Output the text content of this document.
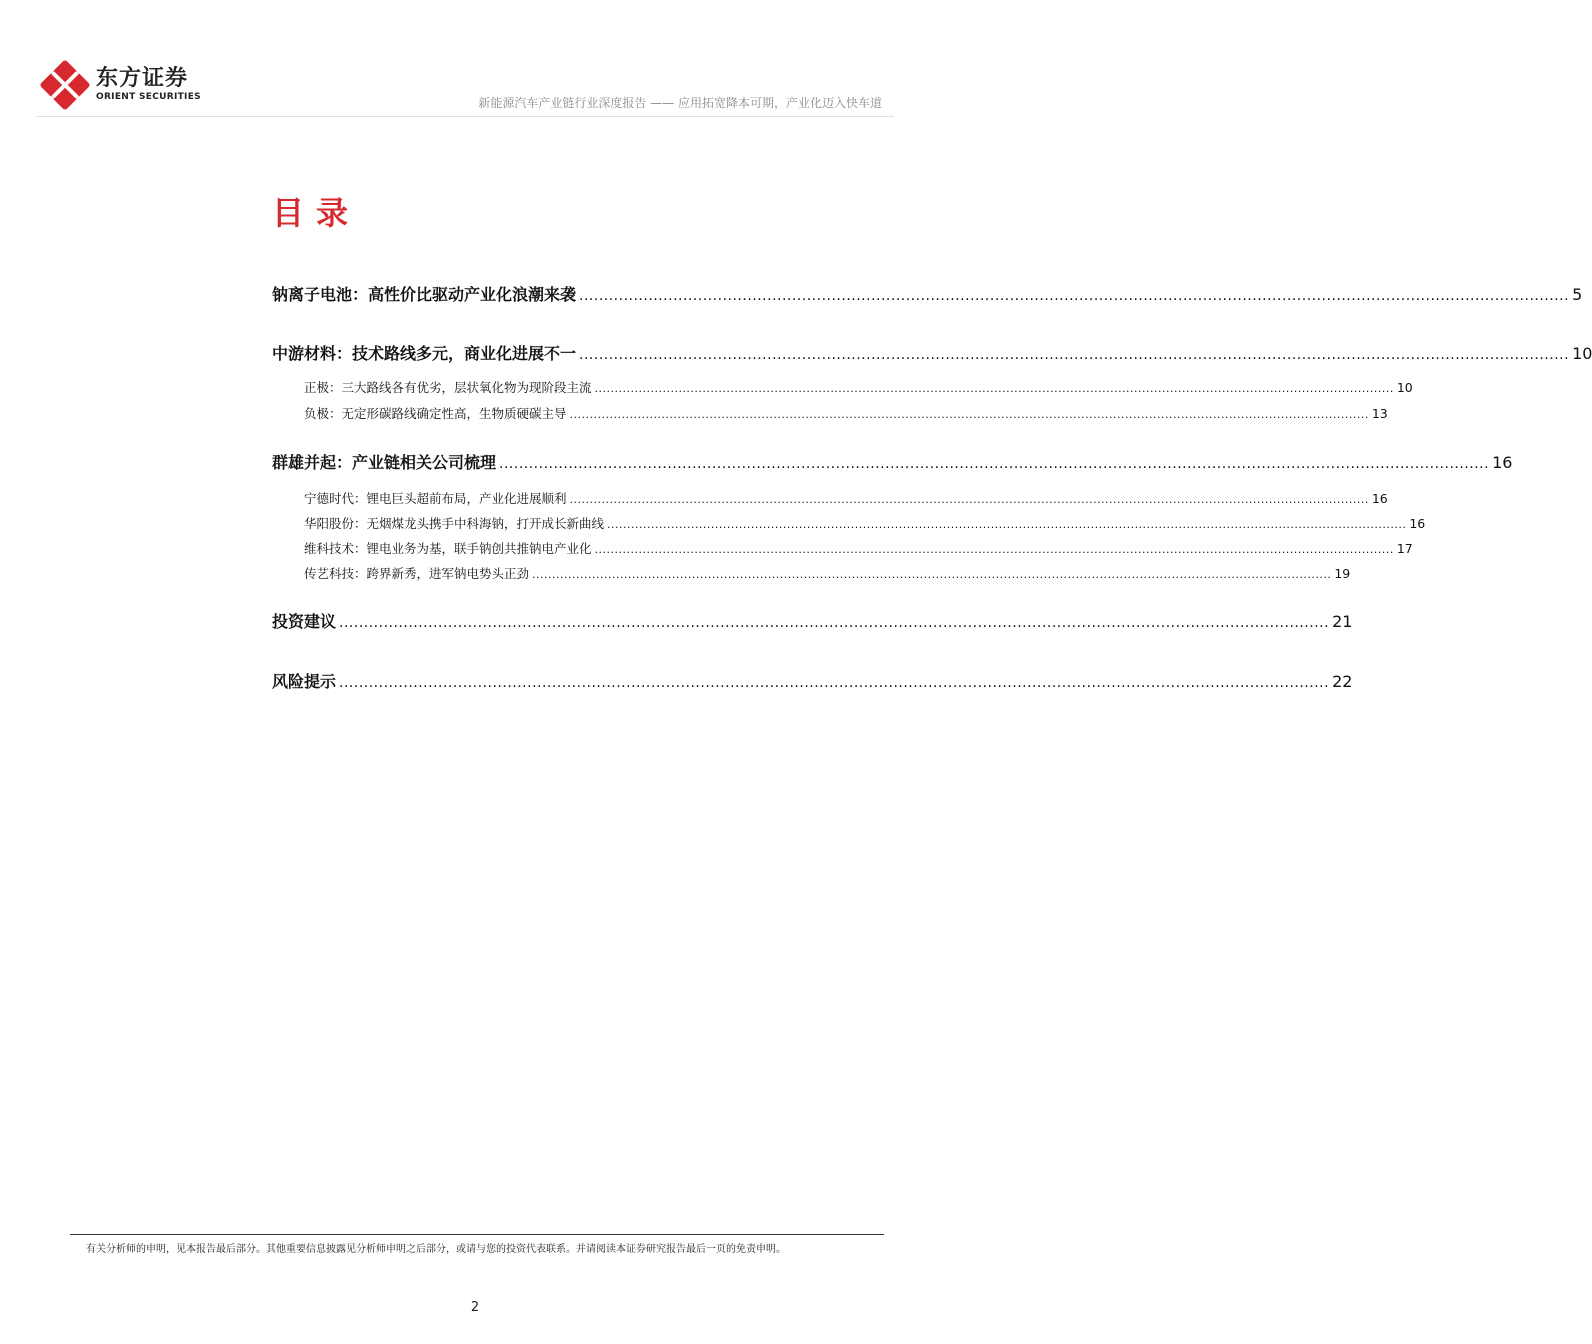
东方证券
ORIENT SECURITIES	新能源汽车产业链行业深度报告 —— 应用拓宽降本可期，产业化迈入快车道
目录
钠离子电池：高性价比驱动产业化浪潮来袭 ........................................................................................................................................................................................................ 5
中游材料：技术路线多元，商业化进展不一 ........................................................................................................................................................................................................ 10
正极：三大路线各有优劣，层状氧化物为现阶段主流 ........................................................................................................................................................................................................ 10
负极：无定形碳路线确定性高，生物质硬碳主导 ........................................................................................................................................................................................................ 13
群雄并起：产业链相关公司梳理 ........................................................................................................................................................................................................ 16
宁德时代：锂电巨头超前布局，产业化进展顺利 ........................................................................................................................................................................................................ 16
华阳股份：无烟煤龙头携手中科海钠，打开成长新曲线 ........................................................................................................................................................................................................ 16
维科技术：锂电业务为基，联手钠创共推钠电产业化 ........................................................................................................................................................................................................ 17
传艺科技：跨界新秀，进军钠电势头正劲 ........................................................................................................................................................................................................ 19
投资建议 ........................................................................................................................................................................................................ 21
风险提示 ........................................................................................................................................................................................................ 22
有关分析师的申明，见本报告最后部分。其他重要信息披露见分析师申明之后部分，或请与您的投资代表联系。并请阅读本证券研究报告最后一页的免责申明。
2
